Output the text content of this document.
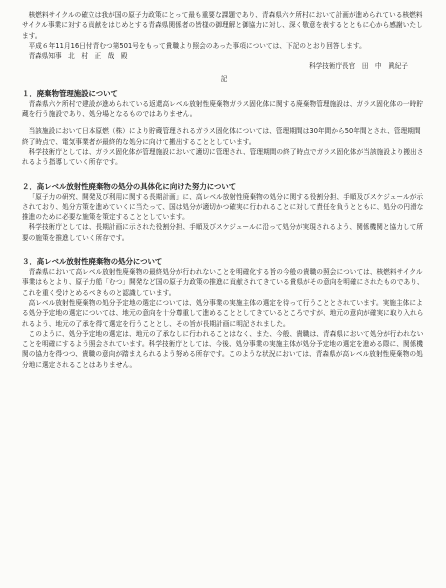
核燃料サイクルの確立は我が国の原子力政策にとって最も重要な課題であり、青森県六ケ所村において計画が進められている核燃料サイクル事業に対する貢献をはじめとする青森県関係者の皆様の御理解と御協力に対し、深く敬意を表するとともに心から感謝いたします。

平成６年11月16日付青むつ第501号をもって貴職より照会のあった事項については、下記のとおり回答します。

青森県知事　北　村　正　哉　殿
科学技術庁長官　田　中　眞紀子
記
１．廃棄物管理施設について

青森県六ケ所村で建設が進められている返還高レベル放射性廃棄物ガラス固化体に関する廃棄物管理施設は、ガラス固化体の一時貯蔵を行う施設であり、処分場となるものではありません。

当該施設において日本原燃（株）により貯蔵管理されるガラス固化体については、管理期間は30年間から50年間とされ、管理期間終了時点で、電気事業者が最終的な処分に向けて搬出することとしています。

科学技術庁としては、ガラス固化体が管理施設において適切に管理され、管理期間の終了時点でガラス固化体が当該施設より搬出されるよう指導していく所存です。

２．高レベル放射性廃棄物の処分の具体化に向けた努力について

「原子力の研究、開発及び利用に関する長期計画」に、高レベル放射性廃棄物の処分に関する役割分担、手順及びスケジュールが示されており、処分方策を進めていくに当たって、国は処分が適切かつ確実に行われることに対して責任を負うとともに、処分の円滑な推進のために必要な施策を策定することとしています。

科学技術庁としては、長期計画に示された役割分担、手順及びスケジュールに沿って処分が実現されるよう、関係機関と協力して所要の施策を推進していく所存です。

３．高レベル放射性廃棄物の処分について

青森県において高レベル放射性廃棄物の最終処分が行われないことを明確化する旨の今般の貴職の照会については、核燃料サイクル事業はもとより、原子力船「むつ」開発など国の原子力政策の推進に貢献されてきている貴県がその意向を明確にされたものであり、これを重く受けとめるべきものと認識しています。

高レベル放射性廃棄物の処分予定地の選定については、処分事業の実施主体の選定を待って行うこととされています。実施主体による処分予定地の選定については、地元の意向を十分尊重して進めることとしてきているところですが、地元の意向が確実に取り入れられるよう、地元の了承を得て選定を行うこととし、その旨が長期計画に明記されました。

このように、処分予定地の選定は、地元の了承なしに行われることはなく、また、今般、貴職は、青森県において処分が行われないことを明確にするよう照会されています。科学技術庁としては、今後、処分事業の実施主体が処分予定地の選定を進める際に、関係機関の協力を得つつ、貴職の意向が踏まえられるよう努める所存です。このような状況においては、青森県が高レベル放射性廃棄物の処分地に選定されることはありません。
